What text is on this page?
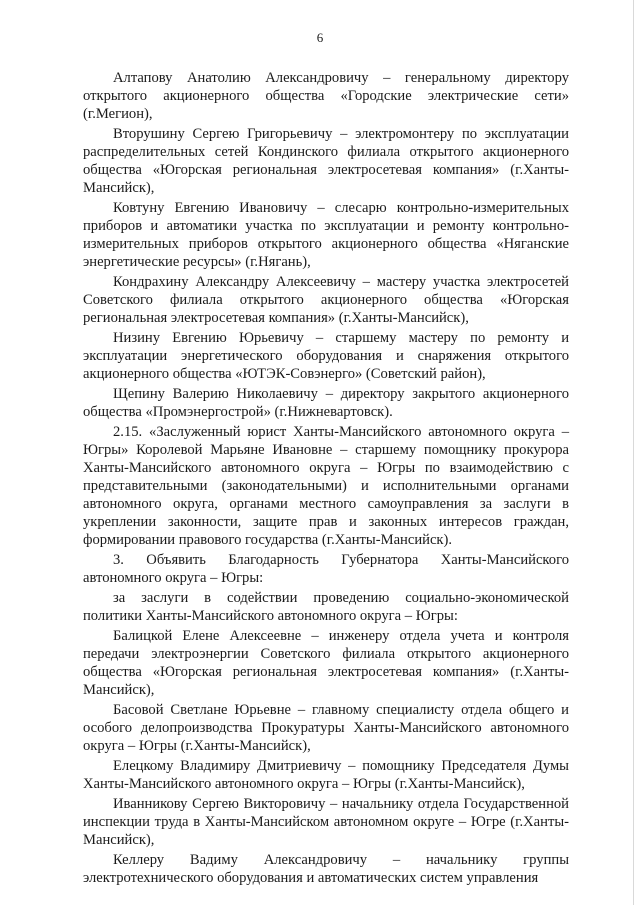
6

Алтапову Анатолию Александровичу – генеральному директору открытого акционерного общества «Городские электрические сети» (г.Мегион),

Вторушину Сергею Григорьевичу – электромонтеру по эксплуатации распределительных сетей Кондинского филиала открытого акционерного общества «Югорская региональная электросетевая компания» (г.Ханты-Мансийск),

Ковтуну Евгению Ивановичу – слесарю контрольно-измерительных приборов и автоматики участка по эксплуатации и ремонту контрольно-измерительных приборов открытого акционерного общества «Няганские энергетические ресурсы» (г.Нягань),

Кондрахину Александру Алексеевичу – мастеру участка электросетей Советского филиала открытого акционерного общества «Югорская региональная электросетевая компания» (г.Ханты-Мансийск),

Низину Евгению Юрьевичу – старшему мастеру по ремонту и эксплуатации энергетического оборудования и снаряжения открытого акционерного общества «ЮТЭК-Совэнерго» (Советский район),

Щепину Валерию Николаевичу – директору закрытого акционерного общества «Промэнергострой» (г.Нижневартовск).

2.15. «Заслуженный юрист Ханты-Мансийского автономного округа – Югры» Королевой Марьяне Ивановне – старшему помощнику прокурора Ханты-Мансийского автономного округа – Югры по взаимодействию с представительными (законодательными) и исполнительными органами автономного округа, органами местного самоуправления за заслуги в укреплении законности, защите прав и законных интересов граждан, формировании правового государства (г.Ханты-Мансийск).

3. Объявить Благодарность Губернатора Ханты-Мансийского автономного округа – Югры:

за заслуги в содействии проведению социально-экономической политики Ханты-Мансийского автономного округа – Югры:

Балицкой Елене Алексеевне – инженеру отдела учета и контроля передачи электроэнергии Советского филиала открытого акционерного общества «Югорская региональная электросетевая компания» (г.Ханты-Мансийск),

Басовой Светлане Юрьевне – главному специалисту отдела общего и особого делопроизводства Прокуратуры Ханты-Мансийского автономного округа – Югры (г.Ханты-Мансийск),

Елецкому Владимиру Дмитриевичу – помощнику Председателя Думы Ханты-Мансийского автономного округа – Югры (г.Ханты-Мансийск),

Иванникову Сергею Викторовичу – начальнику отдела Государственной инспекции труда в Ханты-Мансийском автономном округе – Югре (г.Ханты-Мансийск),

Келлеру Вадиму Александровичу – начальнику группы электротехнического оборудования и автоматических систем управления
